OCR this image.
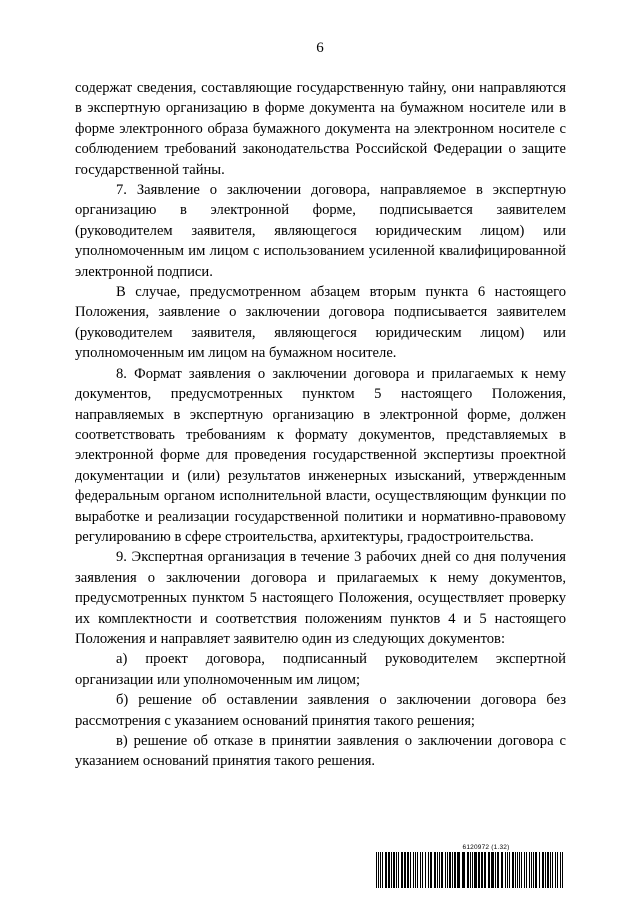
6

содержат сведения, составляющие государственную тайну, они направляются в экспертную организацию в форме документа на бумажном носителе или в форме электронного образа бумажного документа на электронном носителе с соблюдением требований законодательства Российской Федерации о защите государственной тайны.

7. Заявление о заключении договора, направляемое в экспертную организацию в электронной форме, подписывается заявителем (руководителем заявителя, являющегося юридическим лицом) или уполномоченным им лицом с использованием усиленной квалифицированной электронной подписи.

В случае, предусмотренном абзацем вторым пункта 6 настоящего Положения, заявление о заключении договора подписывается заявителем (руководителем заявителя, являющегося юридическим лицом) или уполномоченным им лицом на бумажном носителе.

8. Формат заявления о заключении договора и прилагаемых к нему документов, предусмотренных пунктом 5 настоящего Положения, направляемых в экспертную организацию в электронной форме, должен соответствовать требованиям к формату документов, представляемых в электронной форме для проведения государственной экспертизы проектной документации и (или) результатов инженерных изысканий, утвержденным федеральным органом исполнительной власти, осуществляющим функции по выработке и реализации государственной политики и нормативно-правовому регулированию в сфере строительства, архитектуры, градостроительства.

9. Экспертная организация в течение 3 рабочих дней со дня получения заявления о заключении договора и прилагаемых к нему документов, предусмотренных пунктом 5 настоящего Положения, осуществляет проверку их комплектности и соответствия положениям пунктов 4 и 5 настоящего Положения и направляет заявителю один из следующих документов:

а) проект договора, подписанный руководителем экспертной организации или уполномоченным им лицом;

б) решение об оставлении заявления о заключении договора без рассмотрения с указанием оснований принятия такого решения;

в) решение об отказе в принятии заявления о заключении договора с указанием оснований принятия такого решения.

6120972 (1.32)
